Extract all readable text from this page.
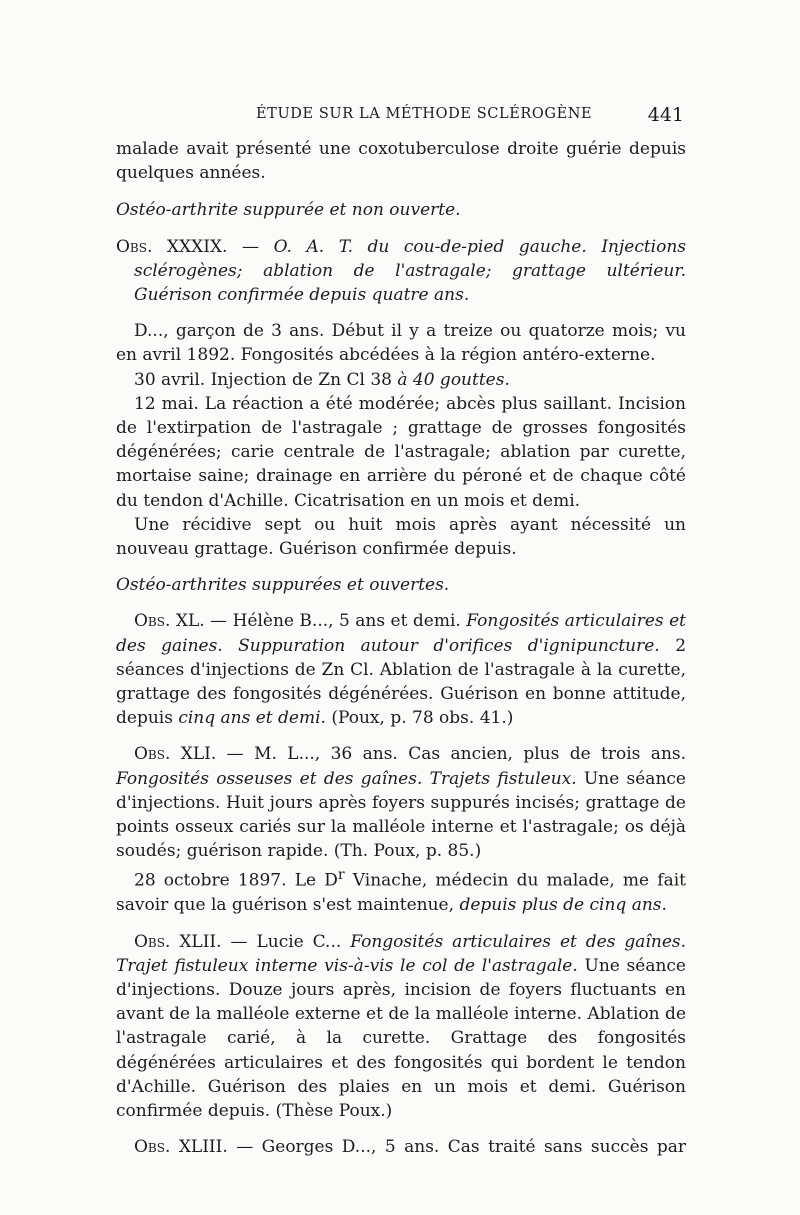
ÉTUDE SUR LA MÉTHODE SCLÉROGÈNE	441

malade avait présenté une coxotuberculose droite guérie depuis quelques années.

Ostéo-arthrite suppurée et non ouverte.

Obs. XXXIX. — O. A. T. du cou-de-pied gauche. Injections sclérogènes; ablation de l'astragale; grattage ultérieur. Guérison confirmée depuis quatre ans.

D..., garçon de 3 ans. Début il y a treize ou quatorze mois; vu en avril 1892. Fongosités abcédées à la région antéro-externe.

30 avril. Injection de Zn Cl 38 à 40 gouttes.

12 mai. La réaction a été modérée; abcès plus saillant. Incision de l'extirpation de l'astragale ; grattage de grosses fongosités dégénérées; carie centrale de l'astragale; ablation par curette, mortaise saine; drainage en arrière du péroné et de chaque côté du tendon d'Achille. Cicatrisation en un mois et demi.

Une récidive sept ou huit mois après ayant nécessité un nouveau grattage. Guérison confirmée depuis.

Ostéo-arthrites suppurées et ouvertes.

Obs. XL. — Hélène B..., 5 ans et demi. Fongosités articulaires et des gaines. Suppuration autour d'orifices d'ignipuncture. 2 séances d'injections de Zn Cl. Ablation de l'astragale à la curette, grattage des fongosités dégénérées. Guérison en bonne attitude, depuis cinq ans et demi. (Poux, p. 78 obs. 41.)

Obs. XLI. — M. L..., 36 ans. Cas ancien, plus de trois ans. Fongosités osseuses et des gaînes. Trajets fistuleux. Une séance d'injections. Huit jours après foyers suppurés incisés; grattage de points osseux cariés sur la malléole interne et l'astragale; os déjà soudés; guérison rapide. (Th. Poux, p. 85.)

28 octobre 1897. Le $D^r$ Vinache, médecin du malade, me fait savoir que la guérison s'est maintenue, depuis plus de cinq ans.

Obs. XLII. — Lucie C... Fongosités articulaires et des gaînes. Trajet fistuleux interne vis-à-vis le col de l'astragale. Une séance d'injections. Douze jours après, incision de foyers fluctuants en avant de la malléole externe et de la malléole interne. Ablation de l'astragale carié, à la curette. Grattage des fongosités dégénérées articulaires et des fongosités qui bordent le tendon d'Achille. Guérison des plaies en un mois et demi. Guérison confirmée depuis. (Thèse Poux.)

Obs. XLIII. — Georges D..., 5 ans. Cas traité sans succès par
